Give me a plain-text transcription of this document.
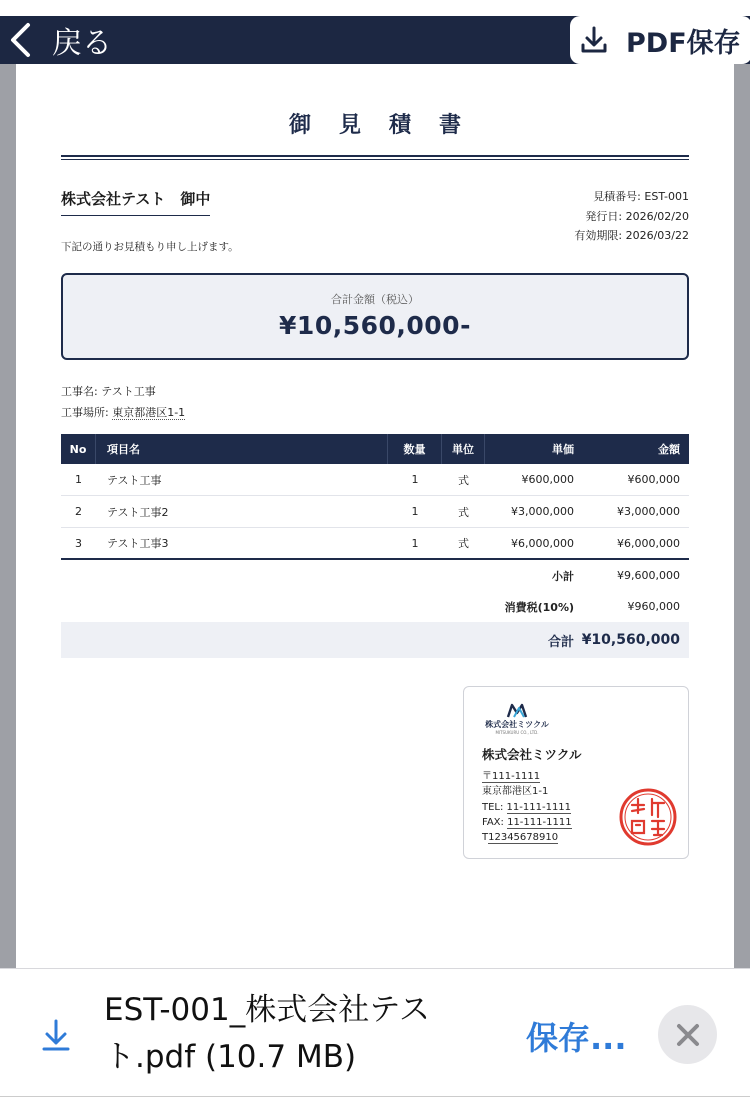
戻る	PDF保存
御見積書
株式会社テスト　御中	見積番号: EST-001
発行日: 2026/02/20
有効期限: 2026/03/22
下記の通りお見積もり申し上げます。
合計金額（税込）
¥10,560,000-
工事名: テスト工事
工事場所: 東京都港区1-1
No	項目名	数量	単位	単価	金額
1	テスト工事	1	式	¥600,000	¥600,000
2	テスト工事2	1	式	¥3,000,000	¥3,000,000
3	テスト工事3	1	式	¥6,000,000	¥6,000,000
小計	¥9,600,000
消費税(10%)	¥960,000
合計 ¥10,560,000
株式会社ミツクル
MITSUKURU CO., LTD.
株式会社ミツクル
〒111-1111
東京都港区1-1
TEL: 11-111-1111
FAX: 11-111-1111
T12345678910
EST-001_株式会社テスト.pdf (10.7 MB)	保存...
